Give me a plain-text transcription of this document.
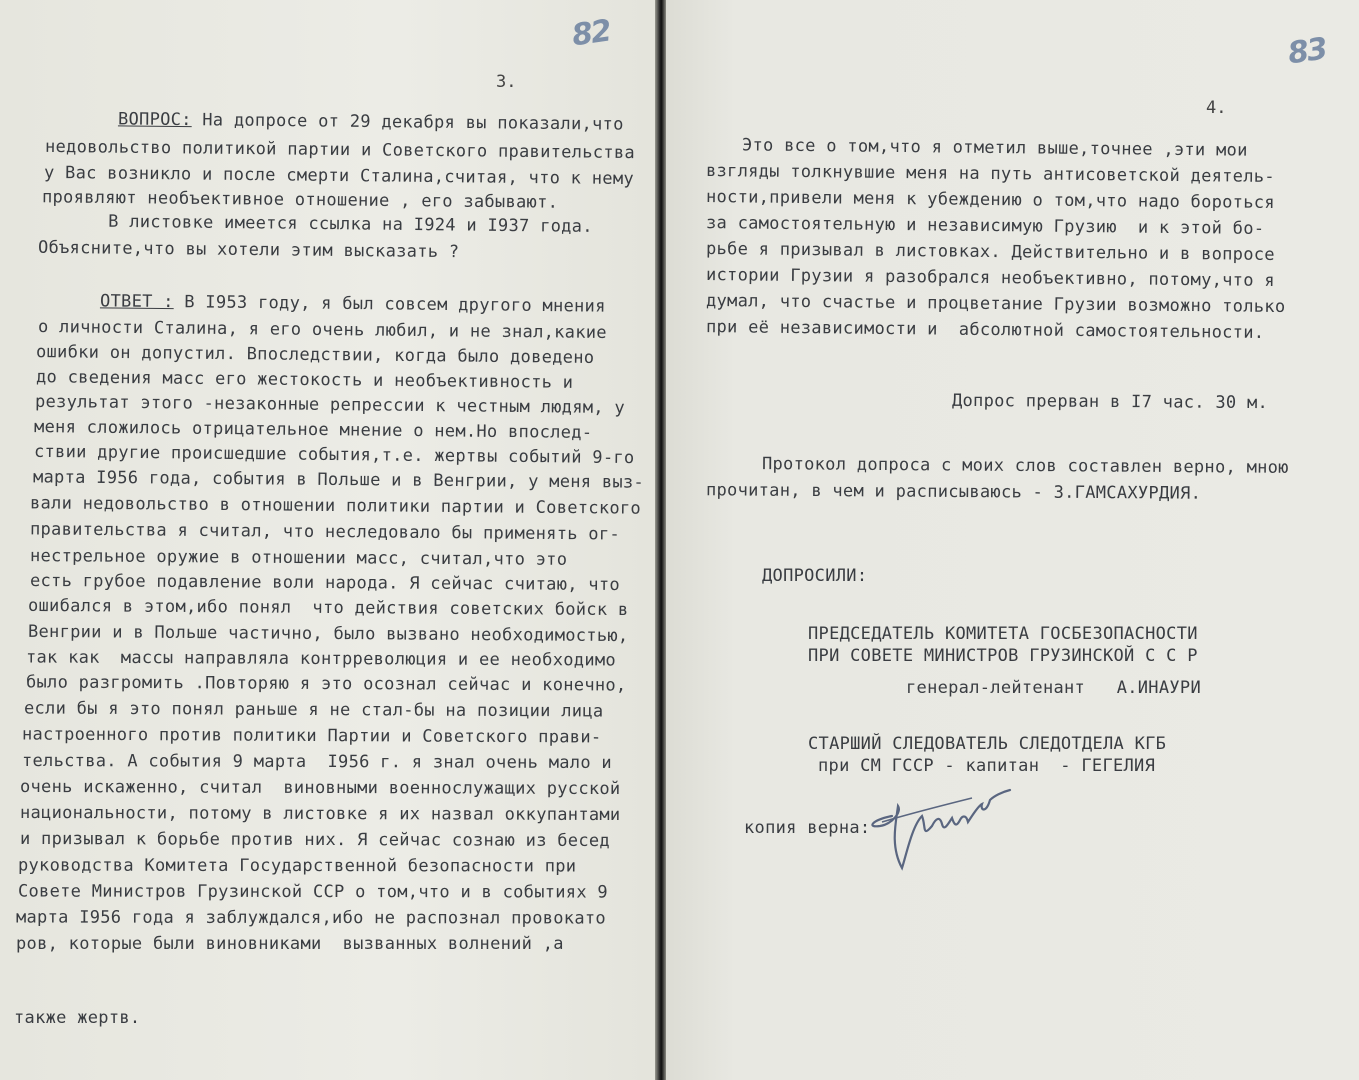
82
3.
ВОПРОС: На допросе от 29 декабря вы показали,что
недовольство политикой партии и Советского правительства
у Вас возникло и после смерти Сталина,считая, что к нему
проявляют необъективное отношение , его забывают.
В листовке имеется ссылка на I924 и I937 года.
Объясните,что вы хотели этим высказать ?
ОТВЕТ : В I953 году, я был совсем другого мнения
о личности Сталина, я его очень любил, и не знал,какие
ошибки он допустил. Впоследствии, когда было доведено
до сведения масс его жестокость и необъективность и
результат этого -незаконные репрессии к честным людям, у
меня сложилось отрицательное мнение о нем.Но впослед-
ствии другие происшедшие события,т.е. жертвы событий 9-го
марта I956 года, события в Польше и в Венгрии, у меня выз-
вали недовольство в отношении политики партии и Советского
правительства я считал, что неследовало бы применять ог-
нестрельное оружие в отношении масс, считал,что это
есть грубое подавление воли народа. Я сейчас считаю, что
ошибался в этом,ибо понял  что действия советских бойск в
Венгрии и в Польше частично, было вызвано необходимостью,
так как  массы направляла контрреволюция и ее необходимо
было разгромить .Повторяю я это осознал сейчас и конечно,
если бы я это понял раньше я не стал-бы на позиции лица
настроенного против политики Партии и Советского прави-
тельства. А события 9 марта  I956 г. я знал очень мало и
очень искаженно, считал  виновными военнослужащих русской
национальности, потому в листовке я их назвал оккупантами
и призывал к борьбе против них. Я сейчас сознаю из бесед
руководства Комитета Государственной безопасности при
Совете Министров Грузинской ССР о том,что и в событиях 9
марта I956 года я заблуждался,ибо не распознал провокато
ров, которые были виновниками  вызванных волнений ,а
также жертв.
83
4.
Это все о том,что я отметил выше,точнее ,эти мои
взгляды толкнувшие меня на путь антисоветской деятель-
ности,привели меня к убеждению о том,что надо бороться
за самостоятельную и независимую Грузию  и к этой бо-
рьбе я призывал в листовках. Действительно и в вопросе
истории Грузии я разобрался необъективно, потому,что я
думал, что счастье и процветание Грузии возможно только
при её независимости и  абсолютной самостоятельности.
Допрос прерван в I7 час. 30 м.
Протокол допроса с моих слов составлен верно, мною
прочитан, в чем и расписываюсь - З.ГАМСАХУРДИЯ.
ДОПРОСИЛИ:
ПРЕДСЕДАТЕЛЬ КОМИТЕТА ГОСБЕЗОПАСНОСТИ
ПРИ СОВЕТЕ МИНИСТРОВ ГРУЗИНСКОЙ С С Р
генерал-лейтенант   А.ИНАУРИ
СТАРШИЙ СЛЕДОВАТЕЛЬ СЛЕДОТДЕЛА КГБ
при СМ ГССР - капитан  - ГЕГЕЛИЯ
копия верна:
